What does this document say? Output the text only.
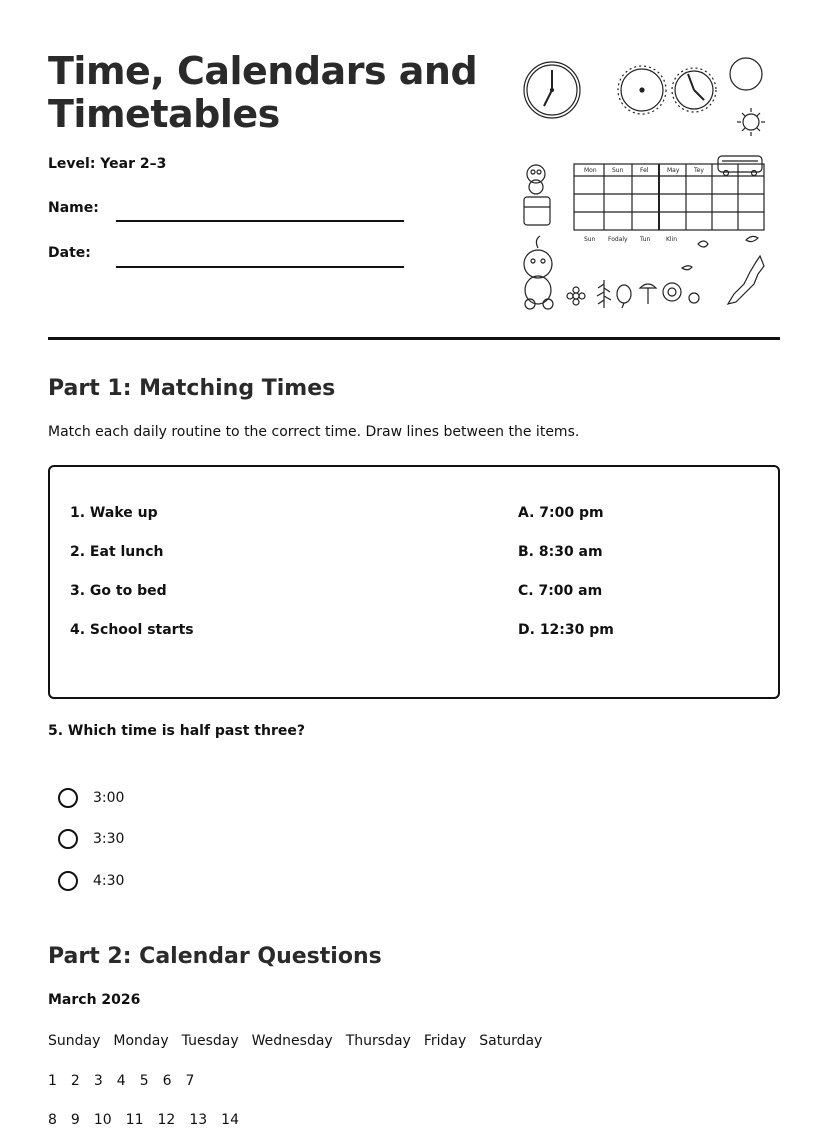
Time, Calendars and Timetables
Level: Year 2–3
Name:
Date:
Mon	Sun	Fel	May Tey
Sun Fodaly Tun	Klin
Part 1: Matching Times
Match each daily routine to the correct time. Draw lines between the items.
1. Wake up
2. Eat lunch
3. Go to bed
4. School starts
A. 7:00 pm
B. 8:30 am
C. 7:00 am
D. 12:30 pm
5. Which time is half past three?
3:00
3:30
4:30
Part 2: Calendar Questions
March 2026
Sunday Monday Tuesday Wednesday Thursday Friday Saturday
1 2 3 4 5 6 7
8 9 10 11 12 13 14
